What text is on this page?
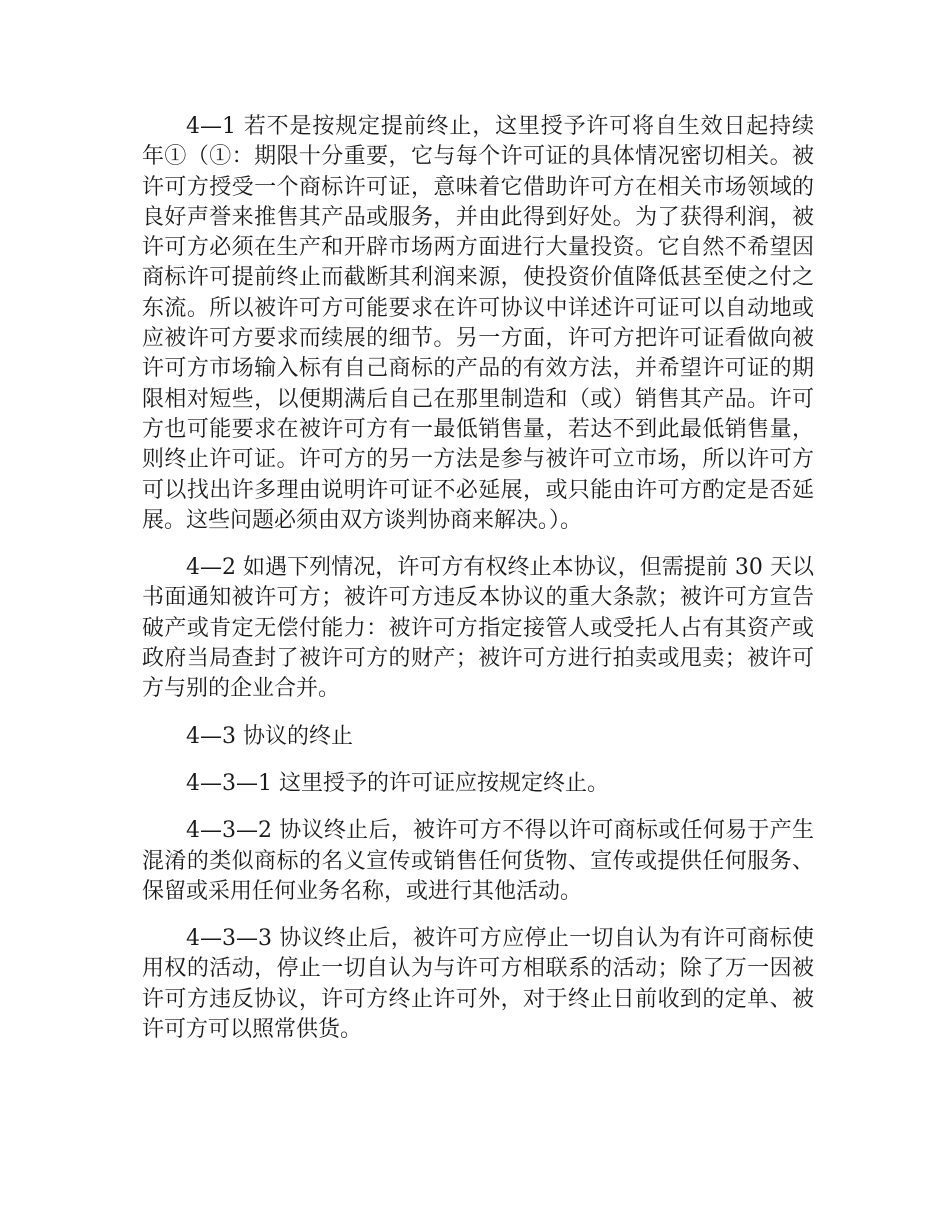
4—1 若不是按规定提前终止，这里授予许可将自生效日起持续年①（①：期限十分重要，它与每个许可证的具体情况密切相关。被许可方授受一个商标许可证，意味着它借助许可方在相关市场领域的良好声誉来推售其产品或服务，并由此得到好处。为了获得利润，被许可方必须在生产和开辟市场两方面进行大量投资。它自然不希望因商标许可提前终止而截断其利润来源，使投资价值降低甚至使之付之东流。所以被许可方可能要求在许可协议中详述许可证可以自动地或应被许可方要求而续展的细节。另一方面，许可方把许可证看做向被许可方市场输入标有自己商标的产品的有效方法，并希望许可证的期限相对短些，以便期满后自己在那里制造和（或）销售其产品。许可方也可能要求在被许可方有一最低销售量，若达不到此最低销售量，则终止许可证。许可方的另一方法是参与被许可立市场，所以许可方可以找出许多理由说明许可证不必延展，或只能由许可方酌定是否延展。这些问题必须由双方谈判协商来解决。）。

4—2 如遇下列情况，许可方有权终止本协议，但需提前 30 天以书面通知被许可方；被许可方违反本协议的重大条款；被许可方宣告破产或肯定无偿付能力：被许可方指定接管人或受托人占有其资产或政府当局查封了被许可方的财产；被许可方进行拍卖或甩卖；被许可方与别的企业合并。

4—3 协议的终止

4—3—1 这里授予的许可证应按规定终止。

4—3—2 协议终止后，被许可方不得以许可商标或任何易于产生混淆的类似商标的名义宣传或销售任何货物、宣传或提供任何服务、保留或采用任何业务名称，或进行其他活动。

4—3—3 协议终止后，被许可方应停止一切自认为有许可商标使用权的活动，停止一切自认为与许可方相联系的活动；除了万一因被许可方违反协议，许可方终止许可外，对于终止日前收到的定单、被许可方可以照常供货。
